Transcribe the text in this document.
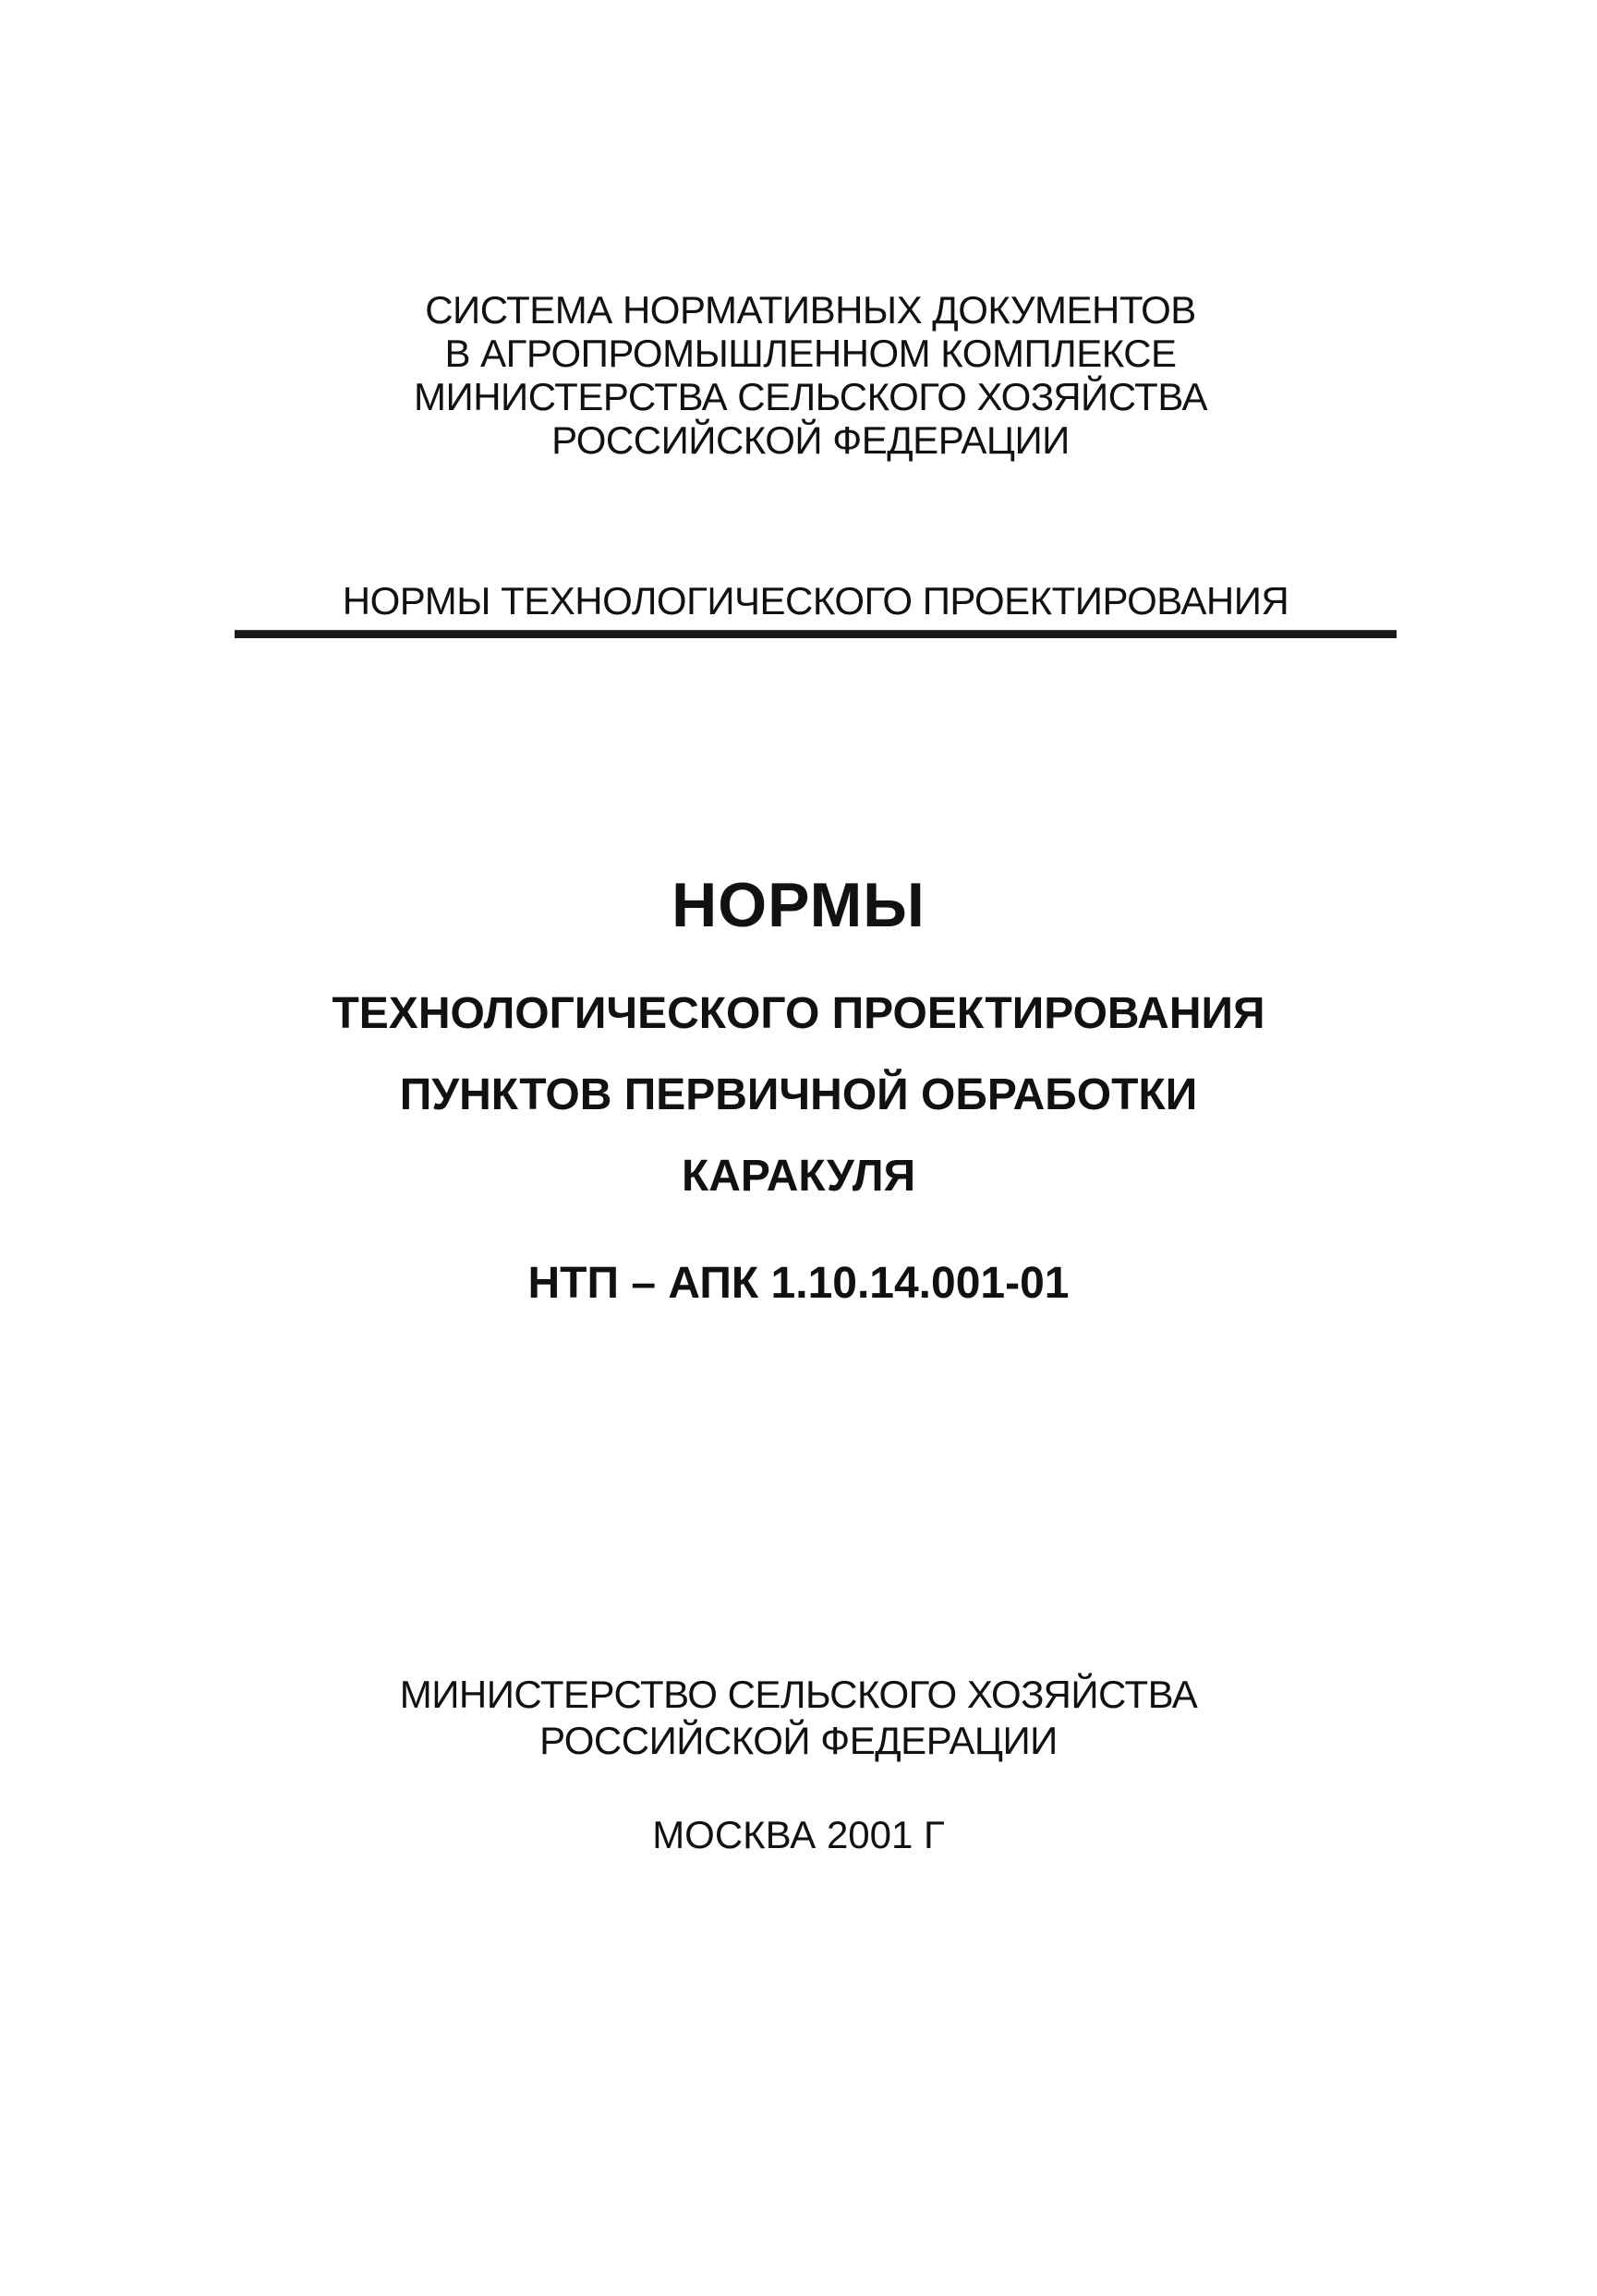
СИСТЕМА НОРМАТИВНЫХ ДОКУМЕНТОВ
В АГРОПРОМЫШЛЕННОМ КОМПЛЕКСЕ
МИНИСТЕРСТВА СЕЛЬСКОГО ХОЗЯЙСТВА
РОССИЙСКОЙ ФЕДЕРАЦИИ
НОРМЫ ТЕХНОЛОГИЧЕСКОГО ПРОЕКТИРОВАНИЯ
НОРМЫ
ТЕХНОЛОГИЧЕСКОГО ПРОЕКТИРОВАНИЯ
ПУНКТОВ ПЕРВИЧНОЙ ОБРАБОТКИ
КАРАКУЛЯ
НТП – АПК 1.10.14.001-01
МИНИСТЕРСТВО СЕЛЬСКОГО ХОЗЯЙСТВА
РОССИЙСКОЙ ФЕДЕРАЦИИ
МОСКВА 2001 Г
